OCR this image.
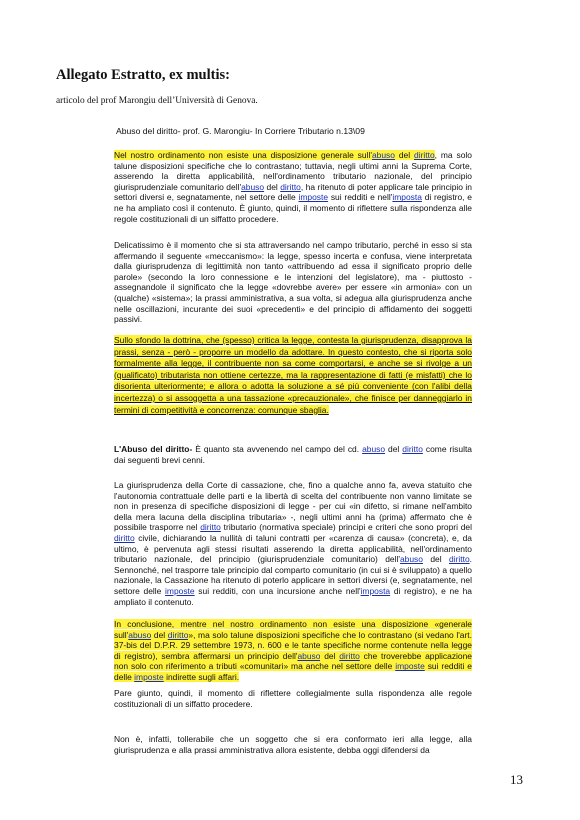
Allegato Estratto, ex multis:
articolo del prof Marongiu dell’Università di Genova.
Abuso del diritto- prof. G. Marongiu- In Corriere Tributario n.13\09

Nel nostro ordinamento non esiste una disposizione generale sull'abuso del diritto, ma solo talune disposizioni specifiche che lo contrastano; tuttavia, negli ultimi anni la Suprema Corte, asserendo la diretta applicabilità, nell'ordinamento tributario nazionale, del principio giurisprudenziale comunitario dell'abuso del diritto, ha ritenuto di poter applicare tale principio in settori diversi e, segnatamente, nel settore delle imposte sui redditi e nell'imposta di registro, e ne ha ampliato così il contenuto. È giunto, quindi, il momento di riflettere sulla rispondenza alle regole costituzionali di un siffatto procedere.

Delicatissimo è il momento che si sta attraversando nel campo tributario, perché in esso si sta affermando il seguente «meccanismo»: la legge, spesso incerta e confusa, viene interpretata dalla giurisprudenza di legittimità non tanto «attribuendo ad essa il significato proprio delle parole» (secondo la loro connessione e le intenzioni del legislatore), ma - piuttosto - assegnandole il significato che la legge «dovrebbe avere» per essere «in armonia» con un (qualche) «sistema»; la prassi amministrativa, a sua volta, si adegua alla giurisprudenza anche nelle oscillazioni, incurante dei suoi «precedenti» e del principio di affidamento dei soggetti passivi.

Sullo sfondo la dottrina, che (spesso) critica la legge, contesta la giurisprudenza, disapprova la prassi, senza - però - proporre un modello da adottare. In questo contesto, che si riporta solo formalmente alla legge, il contribuente non sa come comportarsi, e anche se si rivolge a un (qualificato) tributarista non ottiene certezze, ma la rappresentazione di fatti (e misfatti) che lo disorienta ulteriormente; e allora o adotta la soluzione a sé più conveniente (con l'alibi della incertezza) o si assoggetta a una tassazione «precauzionale», che finisce per danneggiarlo in termini di competitività e concorrenza: comunque sbaglia.

L'Abuso del diritto- È quanto sta avvenendo nel campo del cd. abuso del diritto come risulta dai seguenti brevi cenni.

La giurisprudenza della Corte di cassazione, che, fino a qualche anno fa, aveva statuito che l'autonomia contrattuale delle parti e la libertà di scelta del contribuente non vanno limitate se non in presenza di specifiche disposizioni di legge - per cui «in difetto, si rimane nell'ambito della mera lacuna della disciplina tributaria» -, negli ultimi anni ha (prima) affermato che è possibile trasporre nel diritto tributario (normativa speciale) principi e criteri che sono propri del diritto civile, dichiarando la nullità di taluni contratti per «carenza di causa» (concreta), e, da ultimo, è pervenuta agli stessi risultati asserendo la diretta applicabilità, nell'ordinamento tributario nazionale, del principio (giurisprudenziale comunitario) dell'abuso del diritto. Sennonché, nel trasporre tale principio dal comparto comunitario (in cui si è sviluppato) a quello nazionale, la Cassazione ha ritenuto di poterlo applicare in settori diversi (e, segnatamente, nel settore delle imposte sui redditi, con una incursione anche nell'imposta di registro), e ne ha ampliato il contenuto.

In conclusione, mentre nel nostro ordinamento non esiste una disposizione «generale sull'abuso del diritto», ma solo talune disposizioni specifiche che lo contrastano (si vedano l'art. 37-bis del D.P.R. 29 settembre 1973, n. 600 e le tante specifiche norme contenute nella legge di registro), sembra affermarsi un principio dell'abuso del diritto che troverebbe applicazione non solo con riferimento a tributi «comunitari» ma anche nel settore delle imposte sui redditi e delle imposte indirette sugli affari.

Pare giunto, quindi, il momento di riflettere collegialmente sulla rispondenza alle regole costituzionali di un siffatto procedere.

Non è, infatti, tollerabile che un soggetto che si era conformato ieri alla legge, alla giurisprudenza e alla prassi amministrativa allora esistente, debba oggi difendersi da

13
